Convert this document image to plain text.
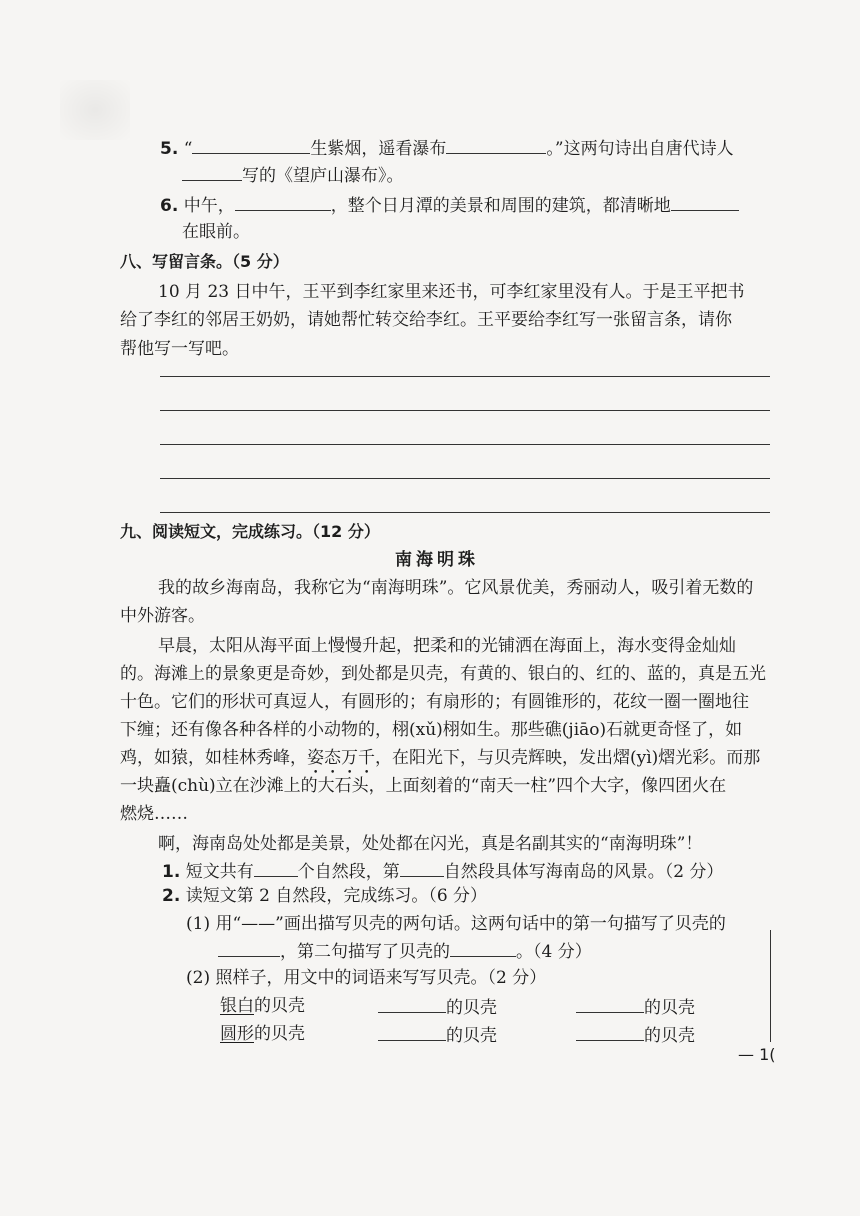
5. “	生紫烟，遥看瀑布	。”这两句诗出自唐代诗人
写的《望庐山瀑布》。
6. 中午，	，整个日月潭的美景和周围的建筑，都清晰地
在眼前。
八、写留言条。（5 分）
10 月 23 日中午，王平到李红家里来还书，可李红家里没有人。于是王平把书
给了李红的邻居王奶奶，请她帮忙转交给李红。王平要给李红写一张留言条，请你
帮他写一写吧。
九、阅读短文，完成练习。（12 分）
南海明珠
我的故乡海南岛，我称它为“南海明珠”。它风景优美，秀丽动人，吸引着无数的
中外游客。
早晨，太阳从海平面上慢慢升起，把柔和的光铺洒在海面上，海水变得金灿灿
的。海滩上的景象更是奇妙，到处都是贝壳，有黄的、银白的、红的、蓝的，真是五光
十色。它们的形状可真逗人，有圆形的；有扇形的；有圆锥形的，花纹一圈一圈地往
下缠；还有像各种各样的小动物的，栩(xǔ)栩如生。那些礁(jiāo)石就更奇怪了，如
鸡，如猿，如桂林秀峰，姿态万千，在阳光下，与贝壳辉映，发出熠(yì)熠光彩。而那
一块矗(chù)立在沙滩上的大石头，上面刻着的“南天一柱”四个大字，像四团火在
燃烧……
啊，海南岛处处都是美景，处处都在闪光，真是名副其实的“南海明珠”！
1. 短文共有	个自然段，第	自然段具体写海南岛的风景。（2 分）
2. 读短文第 2 自然段，完成练习。（6 分）
(1) 用“——”画出描写贝壳的两句话。这两句话中的第一句描写了贝壳的
，第二句描写了贝壳的	。（4 分）
(2) 照样子，用文中的词语来写写贝壳。（2 分）
银白的贝壳	的贝壳	的贝壳
圆形的贝壳	的贝壳	的贝壳
— 1(
